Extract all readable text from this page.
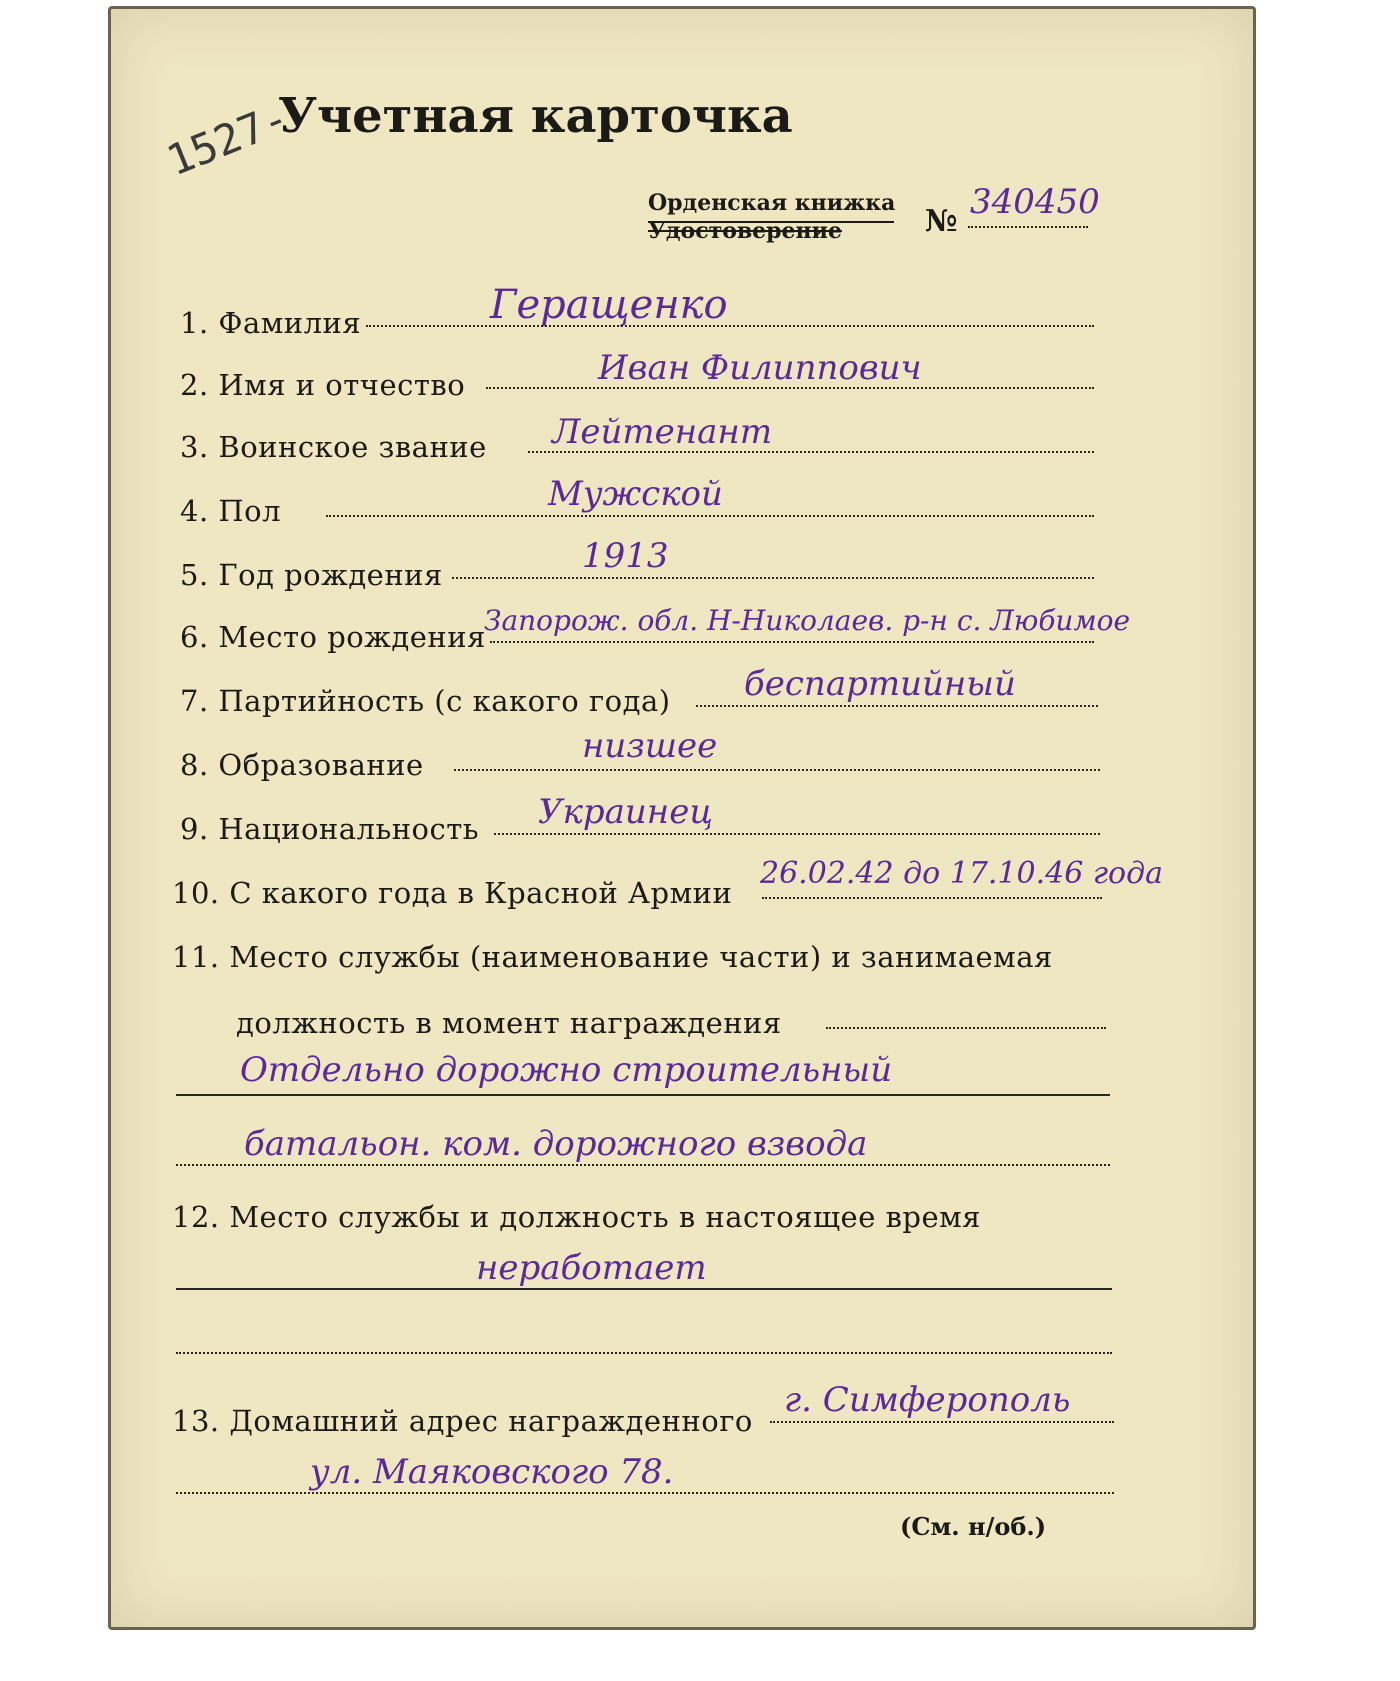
Учетная карточка
1527-
Орденская книжка
Удостоверение	№ 340450
1. Фамилия	Геращенко
2. Имя и отчество	Иван Филиппович
3. Воинское звание Лейтенант
4. Пол	Мужской
5. Год рождения	1913
6. Место рождения
Запорож. обл. Н-Николаев. р-н с. Любимое
7. Партийность (с какого года) беспартийный
8. Образование	низшее
9. Национальность Украинец
10. С какого года в Красной Армии
26.02.42 до 17.10.46 года
11. Место службы (наименование части) и занимаемая
должность в момент награждения
Отдельно дорожно строительный
батальон. ком. дорожного взвода
12. Место службы и должность в настоящее время
неработает
13. Домашний адрес награжденного
г. Симферополь
ул. Маяковского 78.
(См. н/об.)
